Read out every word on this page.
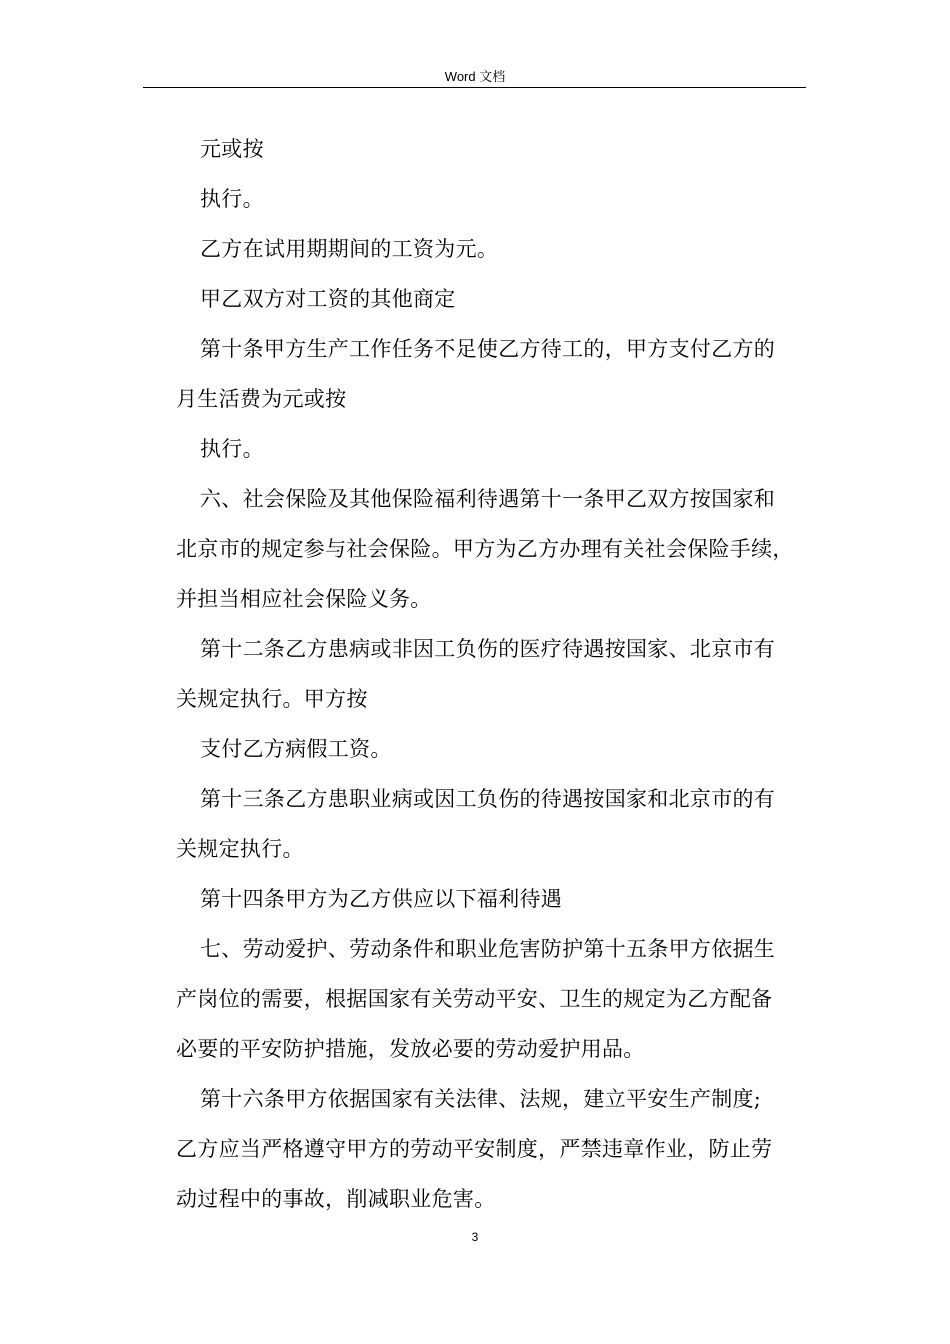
Word 文档
元或按
执行。
乙方在试用期期间的工资为元。
甲乙双方对工资的其他商定
第十条甲方生产工作任务不足使乙方待工的，甲方支付乙方的
月生活费为元或按
执行。
六、社会保险及其他保险福利待遇第十一条甲乙双方按国家和
北京市的规定参与社会保险。甲方为乙方办理有关社会保险手续，
并担当相应社会保险义务。
第十二条乙方患病或非因工负伤的医疗待遇按国家、北京市有
关规定执行。甲方按
支付乙方病假工资。
第十三条乙方患职业病或因工负伤的待遇按国家和北京市的有
关规定执行。
第十四条甲方为乙方供应以下福利待遇
七、劳动爱护、劳动条件和职业危害防护第十五条甲方依据生
产岗位的需要，根据国家有关劳动平安、卫生的规定为乙方配备
必要的平安防护措施，发放必要的劳动爱护用品。
第十六条甲方依据国家有关法律、法规，建立平安生产制度;
乙方应当严格遵守甲方的劳动平安制度，严禁违章作业，防止劳
动过程中的事故，削减职业危害。
3
